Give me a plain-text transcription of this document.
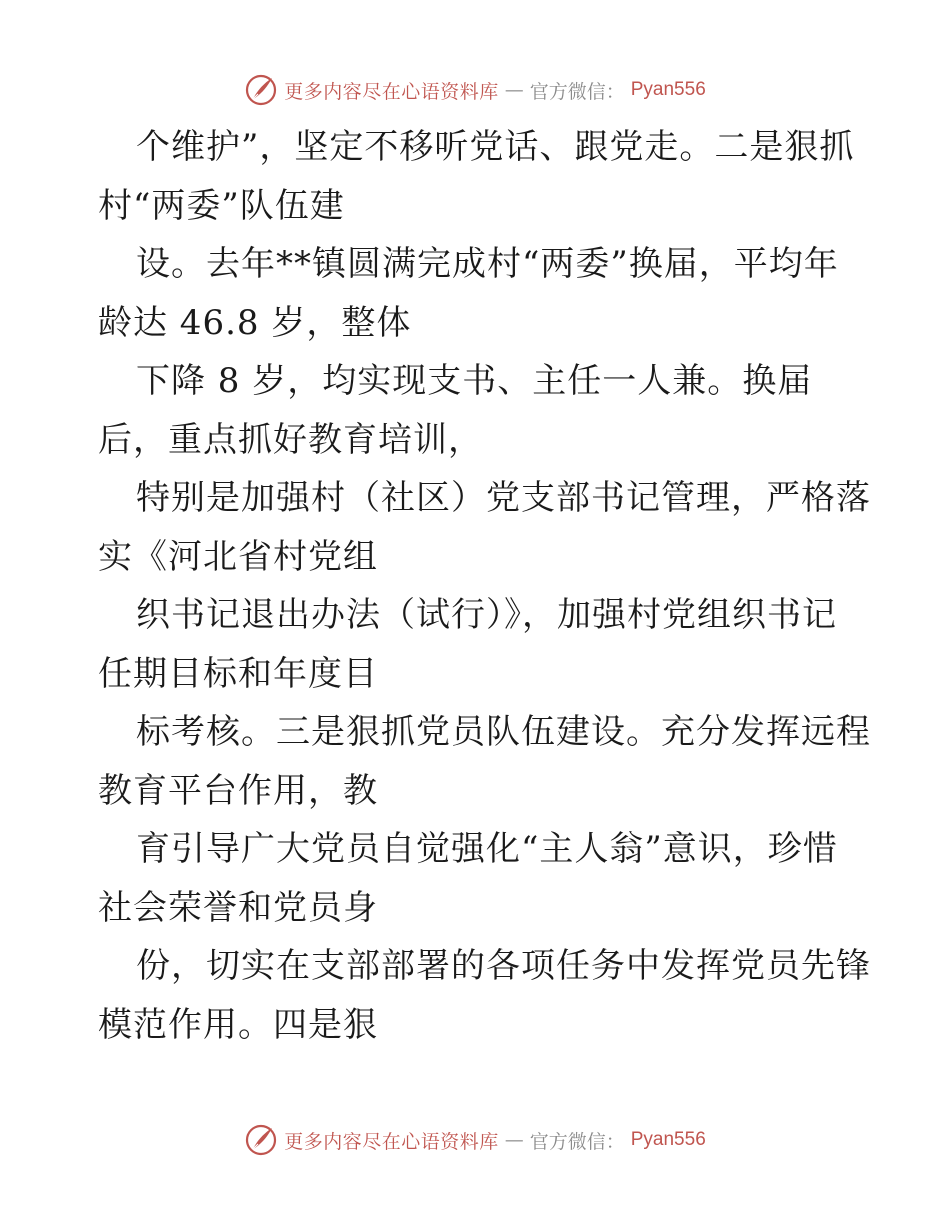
更多内容尽在心语资料库 — 官方微信： Pyan556
个维护”，坚定不移听党话、跟党走。二是狠抓
村“两委”队伍建
设。去年**镇圆满完成村“两委”换届，平均年
龄达 46.8 岁，整体
下降 8 岁，均实现支书、主任一人兼。换届
后，重点抓好教育培训，
特别是加强村（社区）党支部书记管理，严格落
实《河北省村党组
织书记退出办法（试行）》，加强村党组织书记
任期目标和年度目
标考核。三是狠抓党员队伍建设。充分发挥远程
教育平台作用，教
育引导广大党员自觉强化“主人翁”意识，珍惜
社会荣誉和党员身
份，切实在支部部署的各项任务中发挥党员先锋
模范作用。四是狠
更多内容尽在心语资料库 — 官方微信： Pyan556
